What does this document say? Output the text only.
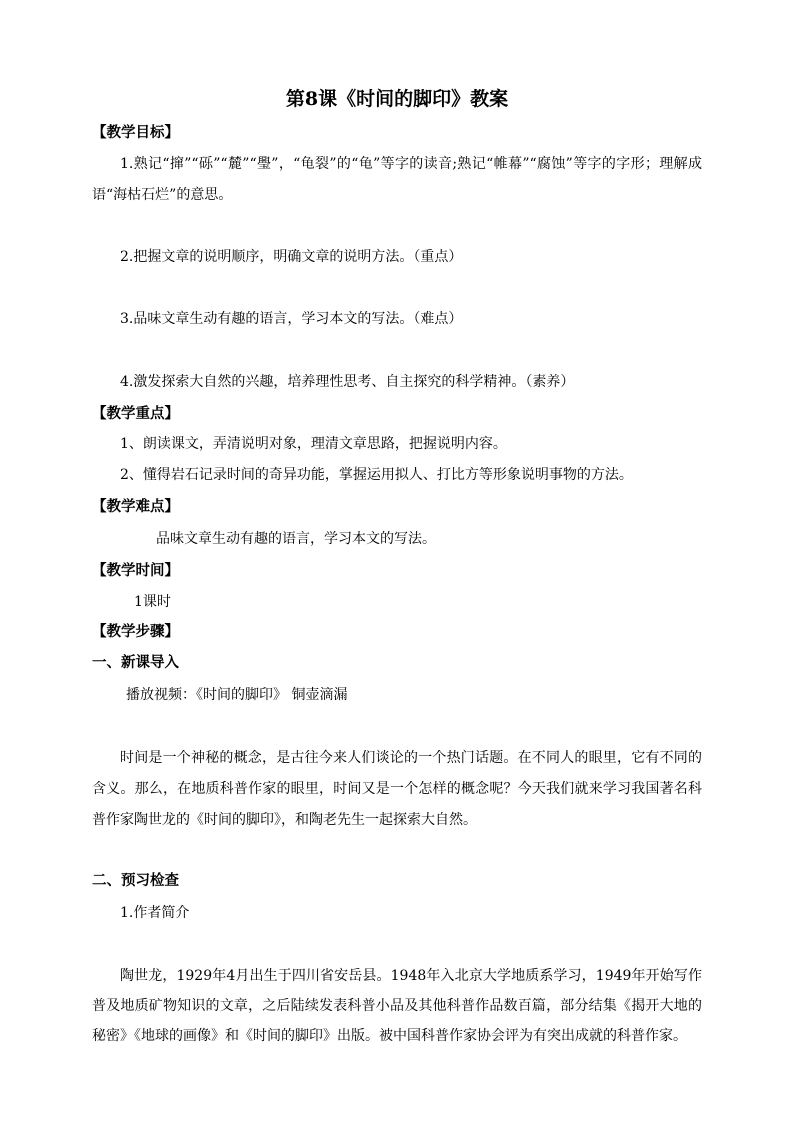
第8课《时间的脚印》教案
【教学目标】
1.熟记“撺”“砾”“麓”“璺”，“龟裂”的“龟”等字的读音;熟记“帷幕”“腐蚀”等字的字形；理解成语“海枯石烂”的意思。
2.把握文章的说明顺序，明确文章的说明方法。（重点）
3.品味文章生动有趣的语言，学习本文的写法。（难点）
4.激发探索大自然的兴趣，培养理性思考、自主探究的科学精神。（素养）
【教学重点】
1、朗读课文，弄清说明对象，理清文章思路，把握说明内容。
2、懂得岩石记录时间的奇异功能，掌握运用拟人、打比方等形象说明事物的方法。
【教学难点】
品味文章生动有趣的语言，学习本文的写法。
【教学时间】
1课时
【教学步骤】
一、新课导入
播放视频：《时间的脚印》 铜壶滴漏
时间是一个神秘的概念，是古往今来人们谈论的一个热门话题。在不同人的眼里，它有不同的含义。那么，在地质科普作家的眼里，时间又是一个怎样的概念呢？今天我们就来学习我国著名科普作家陶世龙的《时间的脚印》，和陶老先生一起探索大自然。
二、预习检查
1.作者简介
陶世龙，1929年4月出生于四川省安岳县。1948年入北京大学地质系学习，1949年开始写作普及地质矿物知识的文章，之后陆续发表科普小品及其他科普作品数百篇，部分结集《揭开大地的秘密》《地球的画像》和《时间的脚印》出版。被中国科普作家协会评为有突出成就的科普作家。
